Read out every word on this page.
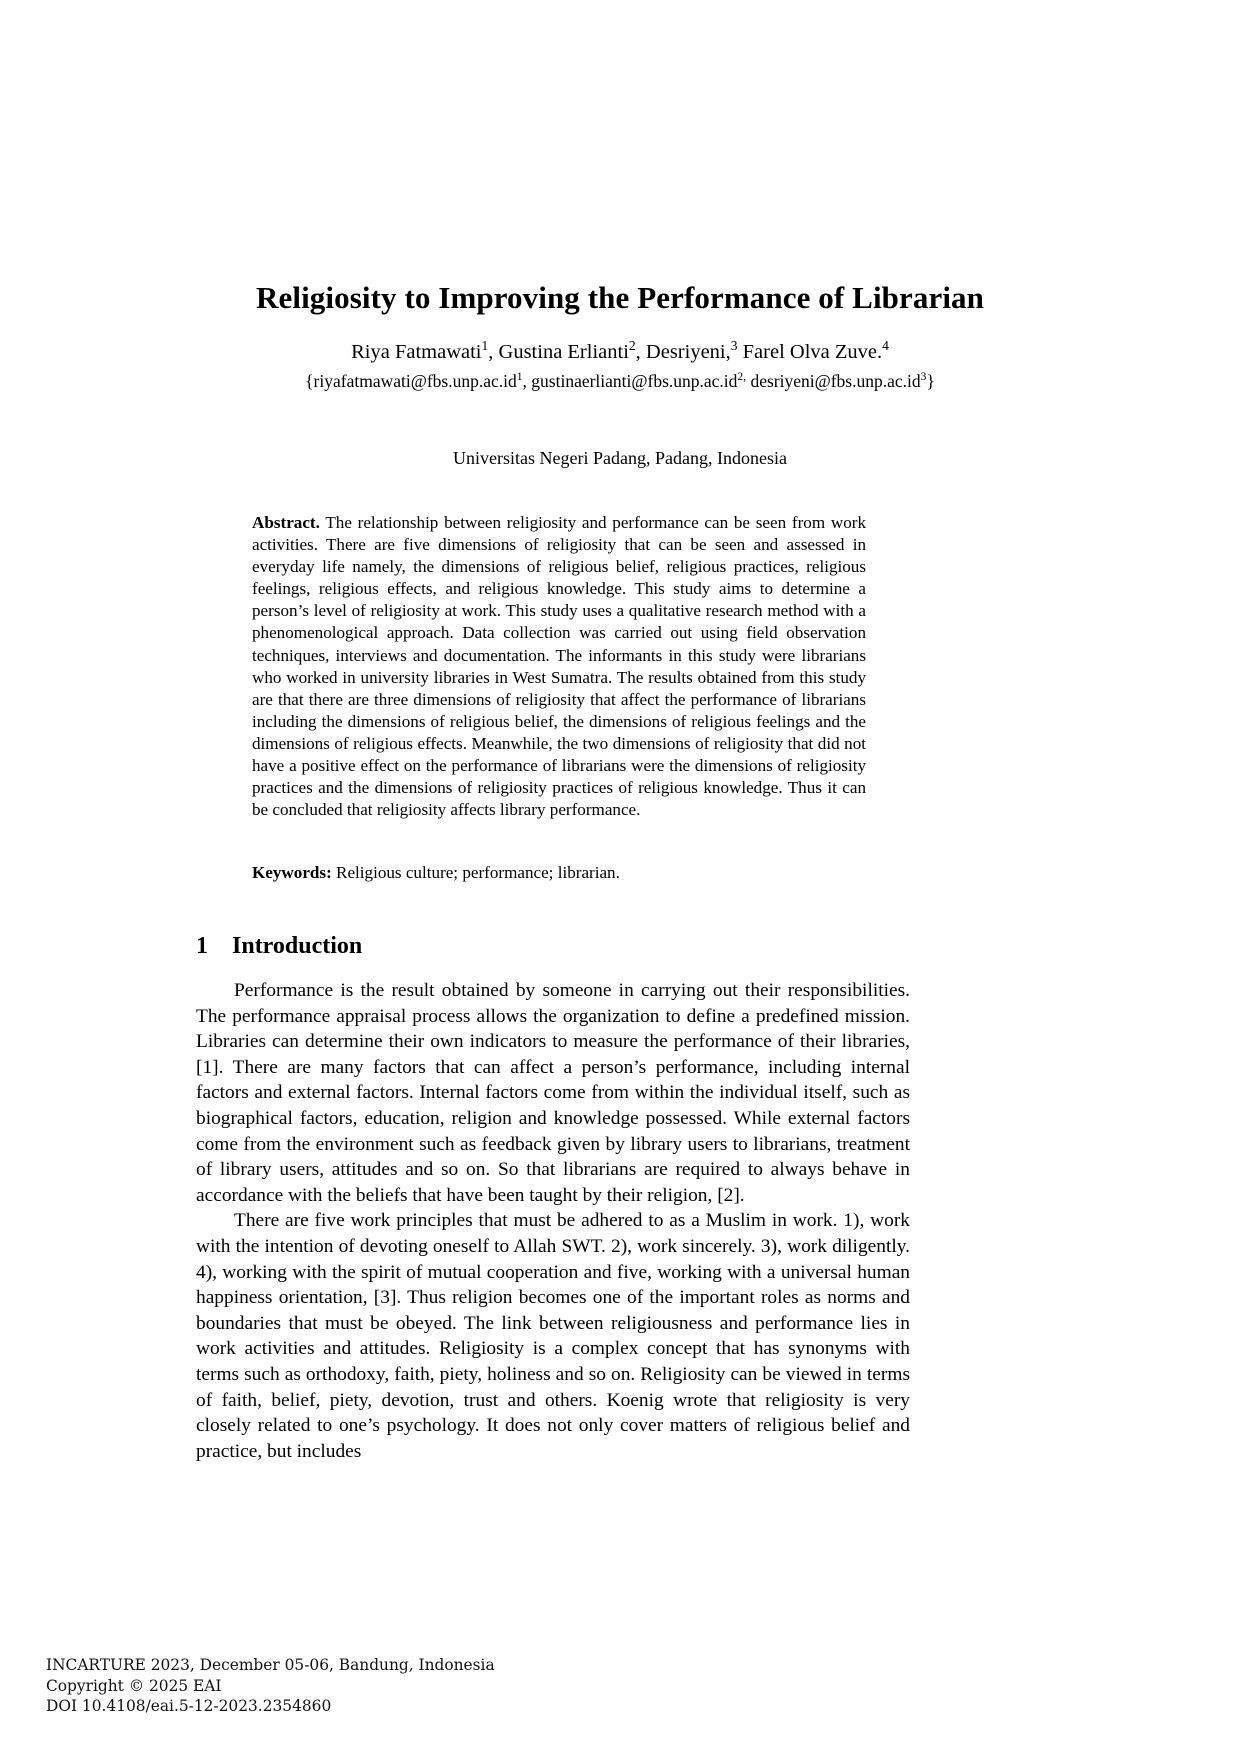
Religiosity to Improving the Performance of Librarian
Riya Fatmawati$^1$, Gustina Erlianti$^2$, Desriyeni,$^3$ Farel Olva Zuve.$^4$
{$riyafatmawati@fbs.unp.ac.id^1$, $gustinaerlianti@fbs.unp.ac.id^{2,}$ $desriyeni@fbs.unp.ac.id^3$}
Universitas Negeri Padang, Padang, Indonesia
Abstract. The relationship between religiosity and performance can be seen from work activities. There are five dimensions of religiosity that can be seen and assessed in everyday life namely, the dimensions of religious belief, religious practices, religious feelings, religious effects, and religious knowledge. This study aims to determine a person’s level of religiosity at work. This study uses a qualitative research method with a phenomenological approach. Data collection was carried out using field observation techniques, interviews and documentation. The informants in this study were librarians who worked in university libraries in West Sumatra. The results obtained from this study are that there are three dimensions of religiosity that affect the performance of librarians including the dimensions of religious belief, the dimensions of religious feelings and the dimensions of religious effects. Meanwhile, the two dimensions of religiosity that did not have a positive effect on the performance of librarians were the dimensions of religiosity practices and the dimensions of religiosity practices of religious knowledge. Thus it can be concluded that religiosity affects library performance.
Keywords: Religious culture; performance; librarian.
1 Introduction

Performance is the result obtained by someone in carrying out their responsibilities. The performance appraisal process allows the organization to define a predefined mission. Libraries can determine their own indicators to measure the performance of their libraries, [1]. There are many factors that can affect a person’s performance, including internal factors and external factors. Internal factors come from within the individual itself, such as biographical factors, education, religion and knowledge possessed. While external factors come from the environment such as feedback given by library users to librarians, treatment of library users, attitudes and so on. So that librarians are required to always behave in accordance with the beliefs that have been taught by their religion, [2].

There are five work principles that must be adhered to as a Muslim in work. 1), work with the intention of devoting oneself to Allah SWT. 2), work sincerely. 3), work diligently. 4), working with the spirit of mutual cooperation and five, working with a universal human happiness orientation, [3]. Thus religion becomes one of the important roles as norms and boundaries that must be obeyed. The link between religiousness and performance lies in work activities and attitudes. Religiosity is a complex concept that has synonyms with terms such as orthodoxy, faith, piety, holiness and so on. Religiosity can be viewed in terms of faith, belief, piety, devotion, trust and others. Koenig wrote that religiosity is very closely related to one’s psychology. It does not only cover matters of religious belief and practice, but includes

INCARTURE 2023, December 05-06, Bandung, Indonesia
Copyright © 2025 EAI
DOI 10.4108/eai.5-12-2023.2354860
